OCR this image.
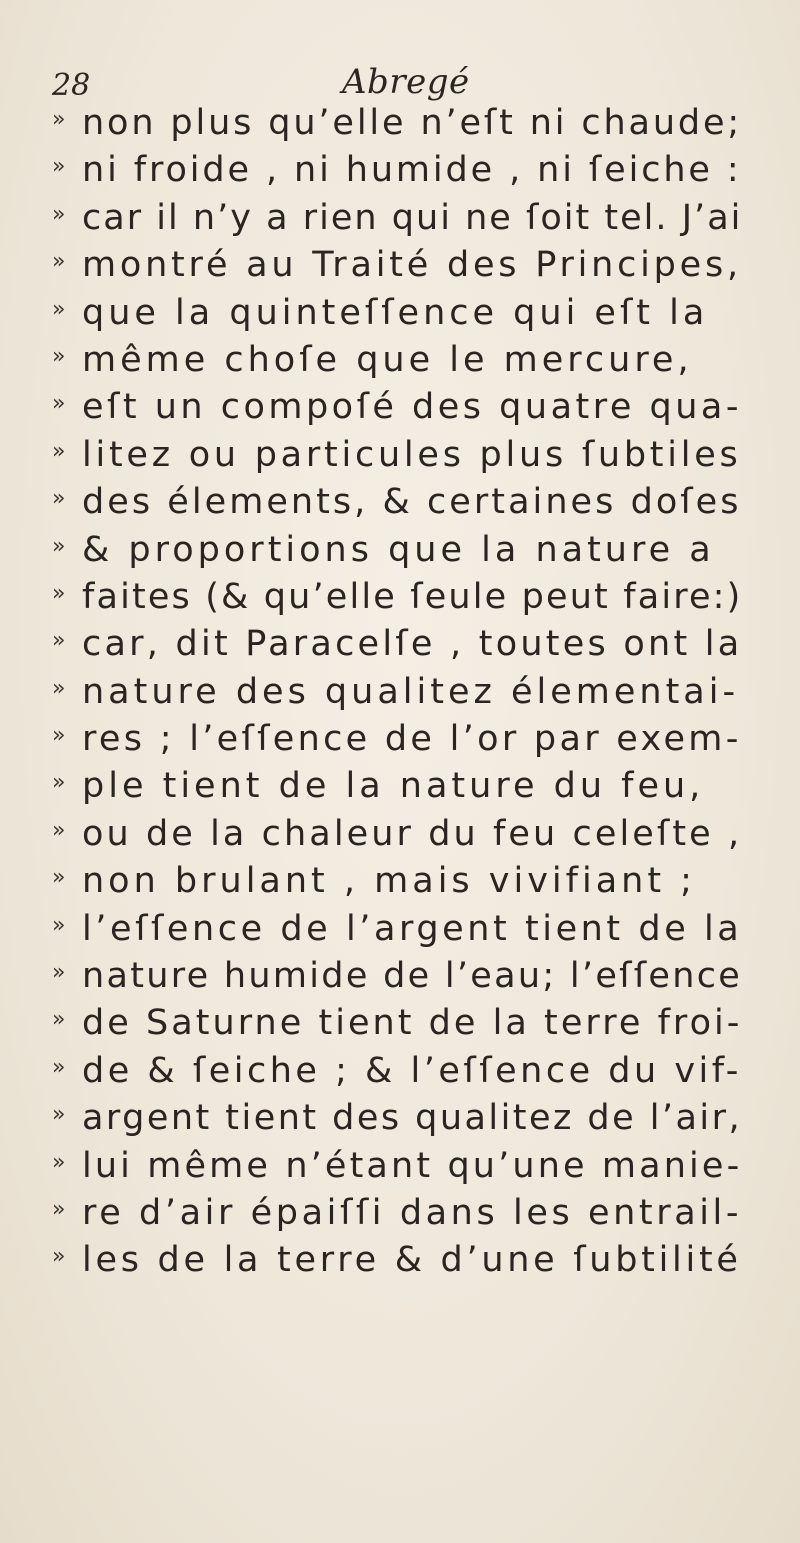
28	Abregé
» non plus qu’elle n’eſt ni chaude;
» ni froide , ni humide , ni ſeiche :
» car il n’y a rien qui ne ſoit tel. J’ai
» montré au Traité des Principes,
» que la quinteſſence qui eſt la
» même choſe que le mercure,
» eſt un compoſé des quatre qua-
» litez ou particules plus ſubtiles
» des élements, & certaines doſes
» & proportions que la nature a
» faites (& qu’elle ſeule peut faire:)
» car, dit Paracelſe , toutes ont la
» nature des qualitez élementai-
» res ; l’eſſence de l’or par exem-
» ple tient de la nature du feu,
» ou de la chaleur du feu celeſte ,
» non brulant , mais vivifiant ;
» l’eſſence de l’argent tient de la
» nature humide de l’eau; l’eſſence
» de Saturne tient de la terre froi-
» de & ſeiche ; & l’eſſence du vif-
» argent tient des qualitez de l’air,
» lui même n’étant qu’une manie-
» re d’air épaiſſi dans les entrail-
» les de la terre & d’une ſubtilité
